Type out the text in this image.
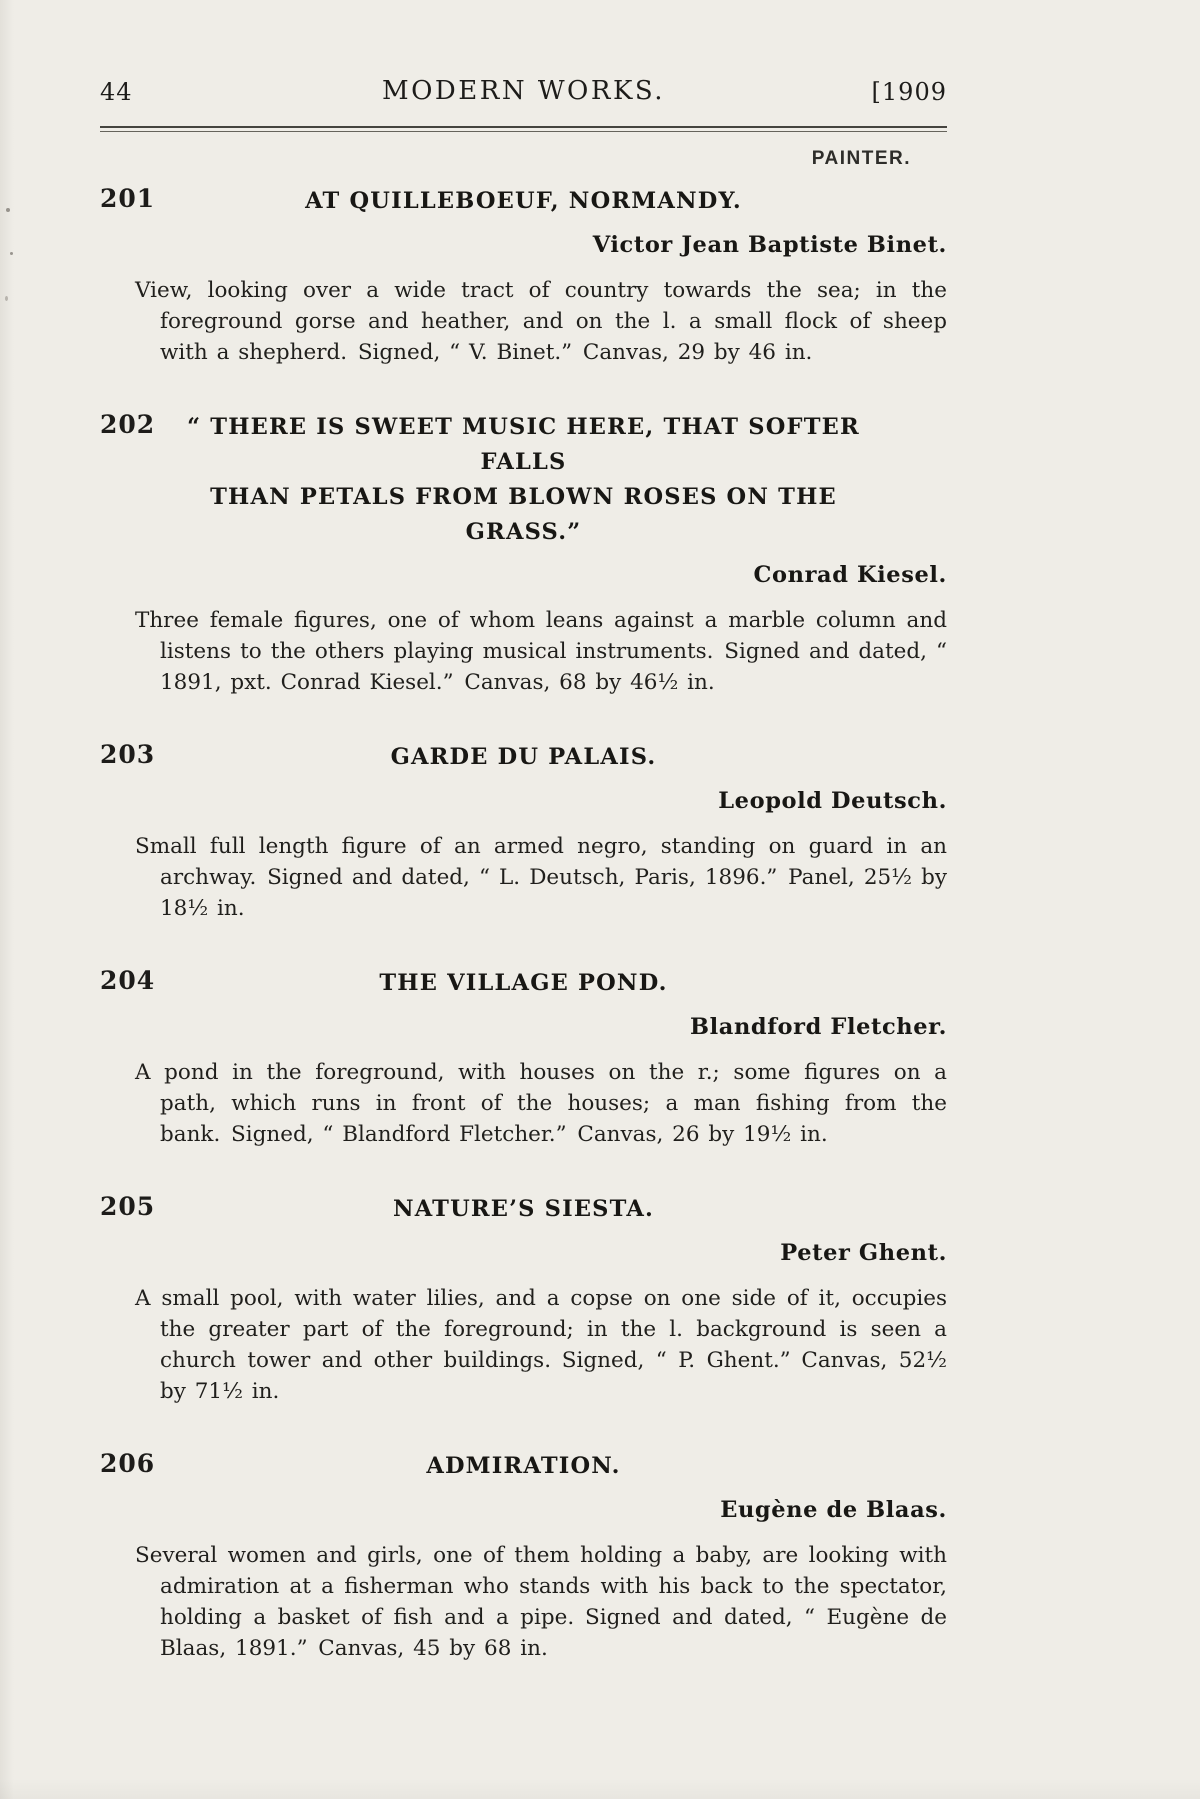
44	MODERN WORKS.	[1909
PAINTER.
201	AT QUILLEBOEUF, NORMANDY.
Victor Jean Baptiste Binet.

View, looking over a wide tract of country towards the sea; in the foreground gorse and heather, and on the l. a small flock of sheep with a shepherd. Signed, “ V. Binet.” Canvas, 29 by 46 in.

202	“ THERE IS SWEET MUSIC HERE, THAT SOFTER FALLS
THAN PETALS FROM BLOWN ROSES ON THE GRASS.”
Conrad Kiesel.

Three female figures, one of whom leans against a marble column and listens to the others playing musical instruments. Signed and dated, “ 1891, pxt. Conrad Kiesel.” Canvas, 68 by 46½ in.

203	GARDE DU PALAIS.
Leopold Deutsch.

Small full length figure of an armed negro, standing on guard in an archway. Signed and dated, “ L. Deutsch, Paris, 1896.” Panel, 25½ by 18½ in.

204	THE VILLAGE POND.
Blandford Fletcher.

A pond in the foreground, with houses on the r.; some figures on a path, which runs in front of the houses; a man fishing from the bank. Signed, “ Blandford Fletcher.” Canvas, 26 by 19½ in.

205	NATURE’S SIESTA.
Peter Ghent.

A small pool, with water lilies, and a copse on one side of it, occupies the greater part of the foreground; in the l. background is seen a church tower and other buildings. Signed, “ P. Ghent.” Canvas, 52½ by 71½ in.

206	ADMIRATION.
Eugène de Blaas.

Several women and girls, one of them holding a baby, are looking with admiration at a fisherman who stands with his back to the spectator, holding a basket of fish and a pipe. Signed and dated, “ Eugène de Blaas, 1891.” Canvas, 45 by 68 in.
